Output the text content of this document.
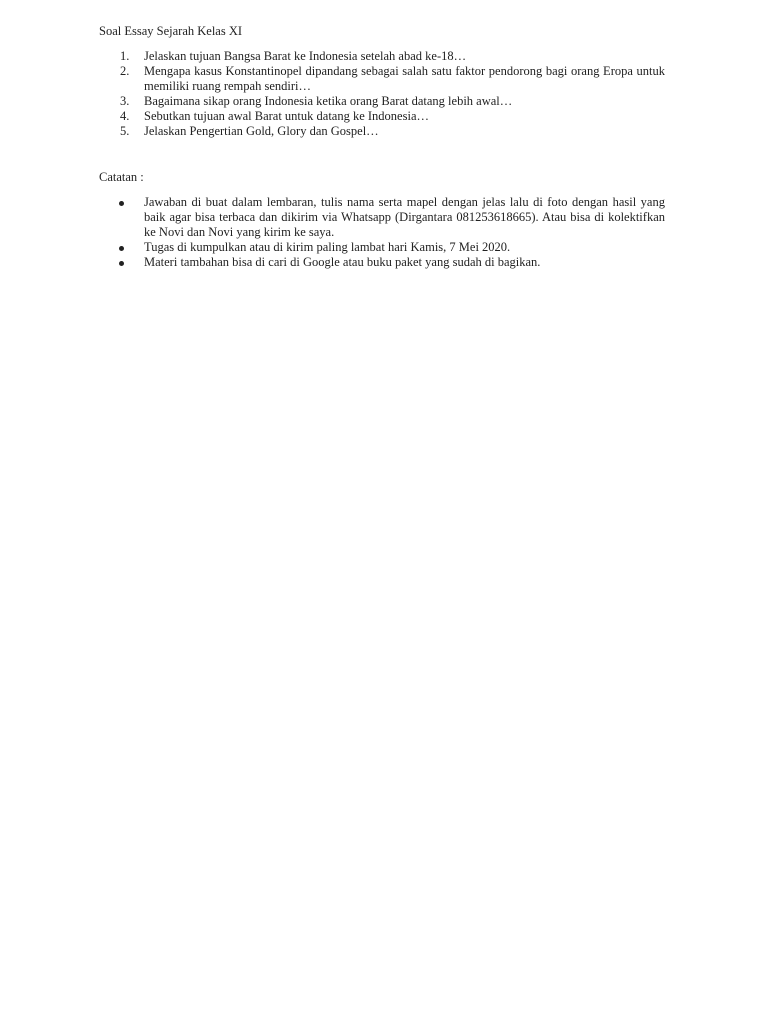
Soal Essay Sejarah Kelas XI

1. Jelaskan tujuan Bangsa Barat ke Indonesia setelah abad ke-18…
2. Mengapa kasus Konstantinopel dipandang sebagai salah satu faktor pendorong bagi orang Eropa untuk memiliki ruang rempah sendiri…
3. Bagaimana sikap orang Indonesia ketika orang Barat datang lebih awal…
4. Sebutkan tujuan awal Barat untuk datang ke Indonesia…
5. Jelaskan Pengertian Gold, Glory dan Gospel…

Catatan :

Jawaban di buat dalam lembaran, tulis nama serta mapel dengan jelas lalu di foto dengan hasil yang baik agar bisa terbaca dan dikirim via Whatsapp (Dirgantara 081253618665). Atau bisa di kolektifkan ke Novi dan Novi yang kirim ke saya.
Tugas di kumpulkan atau di kirim paling lambat hari Kamis, 7 Mei 2020.
Materi tambahan bisa di cari di Google atau buku paket yang sudah di bagikan.
